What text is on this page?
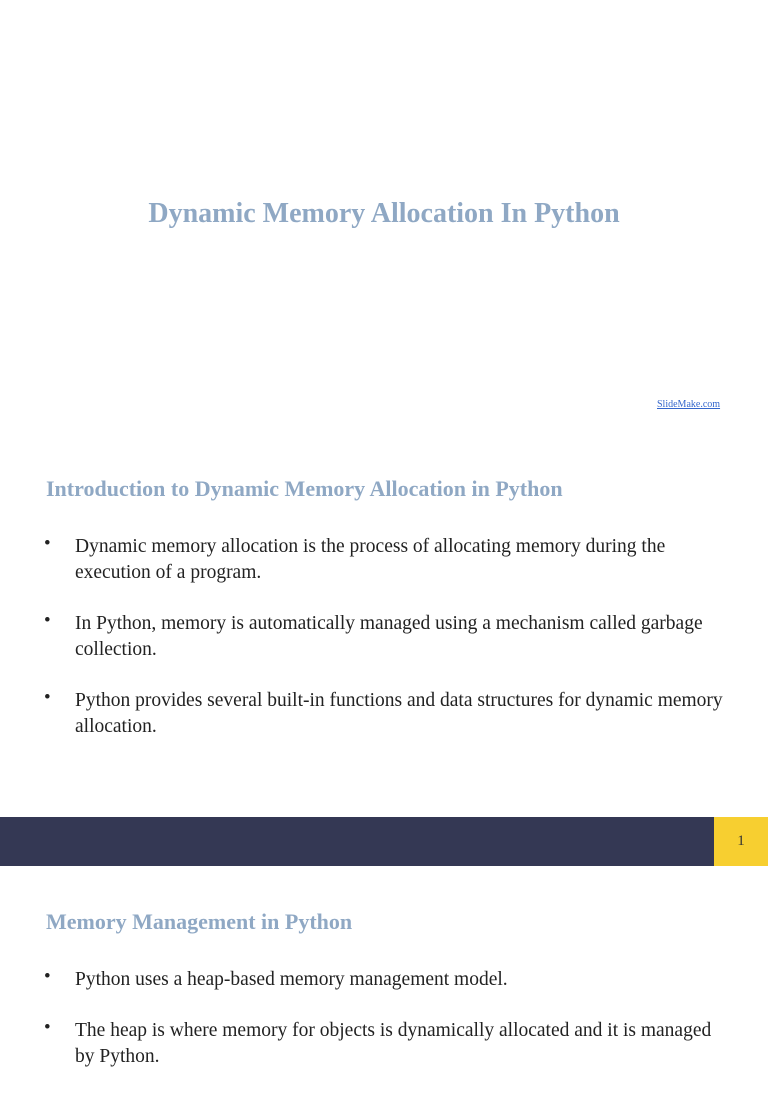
Dynamic Memory Allocation In Python
SlideMake.com
Introduction to Dynamic Memory Allocation in Python
• Dynamic memory allocation is the process of allocating memory during the execution of a program.
• In Python, memory is automatically managed using a mechanism called garbage collection.
• Python provides several built-in functions and data structures for dynamic memory allocation.
1
Memory Management in Python
• Python uses a heap-based memory management model.
• The heap is where memory for objects is dynamically allocated and it is managed by Python.
